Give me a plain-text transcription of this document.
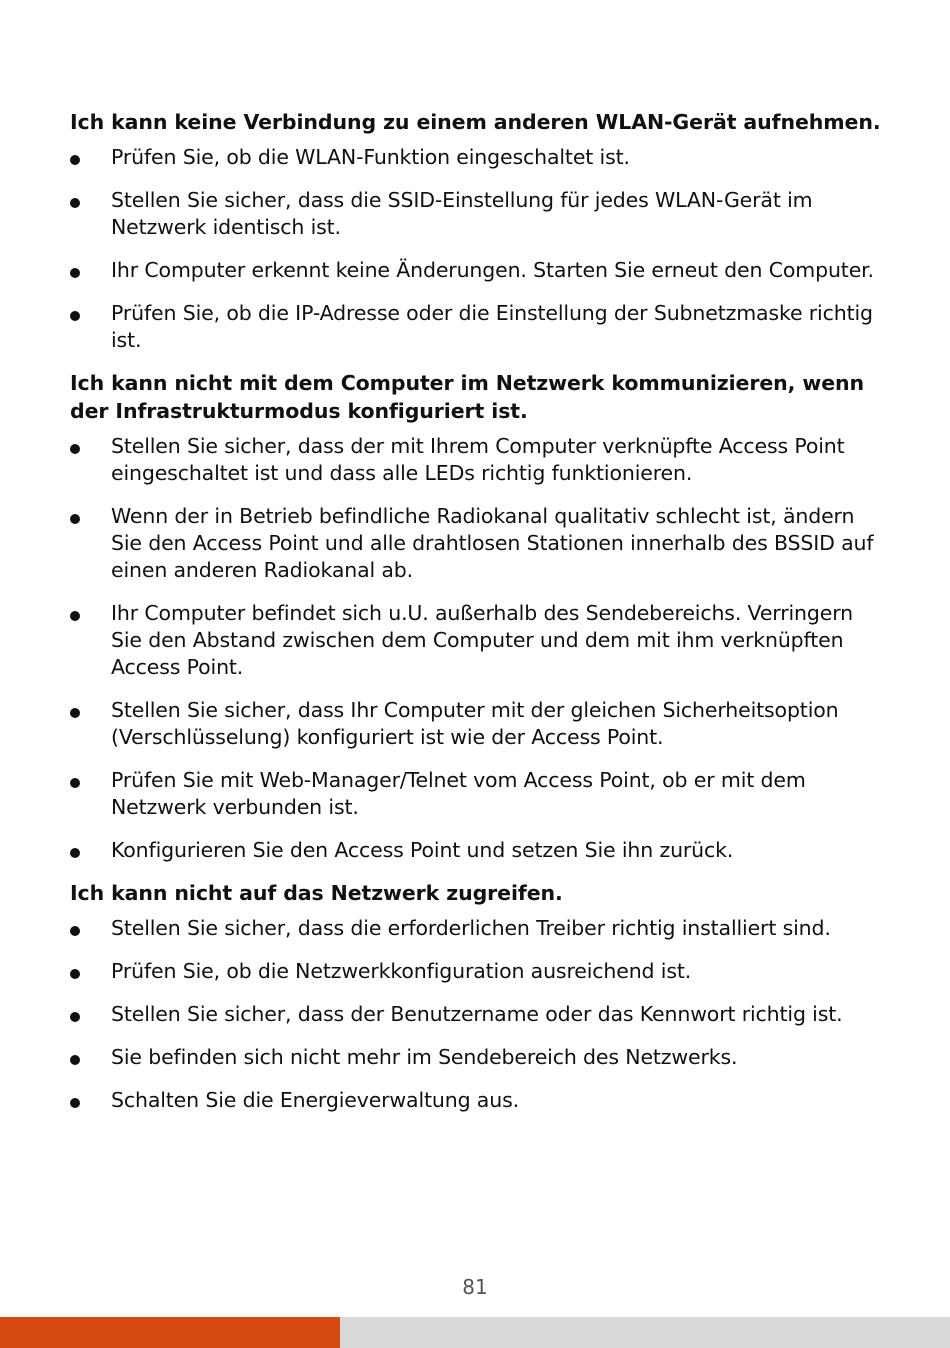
Ich kann keine Verbindung zu einem anderen WLAN-Gerät aufnehmen.
Prüfen Sie, ob die WLAN-Funktion eingeschaltet ist.
Stellen Sie sicher, dass die SSID-Einstellung für jedes WLAN-Gerät im Netzwerk identisch ist.
Ihr Computer erkennt keine Änderungen. Starten Sie erneut den Computer.
Prüfen Sie, ob die IP-Adresse oder die Einstellung der Subnetzmaske richtig ist.
Ich kann nicht mit dem Computer im Netzwerk kommunizieren, wenn der Infrastrukturmodus konfiguriert ist.
Stellen Sie sicher, dass der mit Ihrem Computer verknüpfte Access Point eingeschaltet ist und dass alle LEDs richtig funktionieren.
Wenn der in Betrieb befindliche Radiokanal qualitativ schlecht ist, ändern Sie den Access Point und alle drahtlosen Stationen innerhalb des BSSID auf einen anderen Radiokanal ab.
Ihr Computer befindet sich u.U. außerhalb des Sendebereichs. Verringern Sie den Abstand zwischen dem Computer und dem mit ihm verknüpften Access Point.
Stellen Sie sicher, dass Ihr Computer mit der gleichen Sicherheitsoption (Verschlüsselung) konfiguriert ist wie der Access Point.
Prüfen Sie mit Web-Manager/Telnet vom Access Point, ob er mit dem Netzwerk verbunden ist.
Konfigurieren Sie den Access Point und setzen Sie ihn zurück.
Ich kann nicht auf das Netzwerk zugreifen.
Stellen Sie sicher, dass die erforderlichen Treiber richtig installiert sind.
Prüfen Sie, ob die Netzwerkkonfiguration ausreichend ist.
Stellen Sie sicher, dass der Benutzername oder das Kennwort richtig ist.
Sie befinden sich nicht mehr im Sendebereich des Netzwerks.
Schalten Sie die Energieverwaltung aus.
81
